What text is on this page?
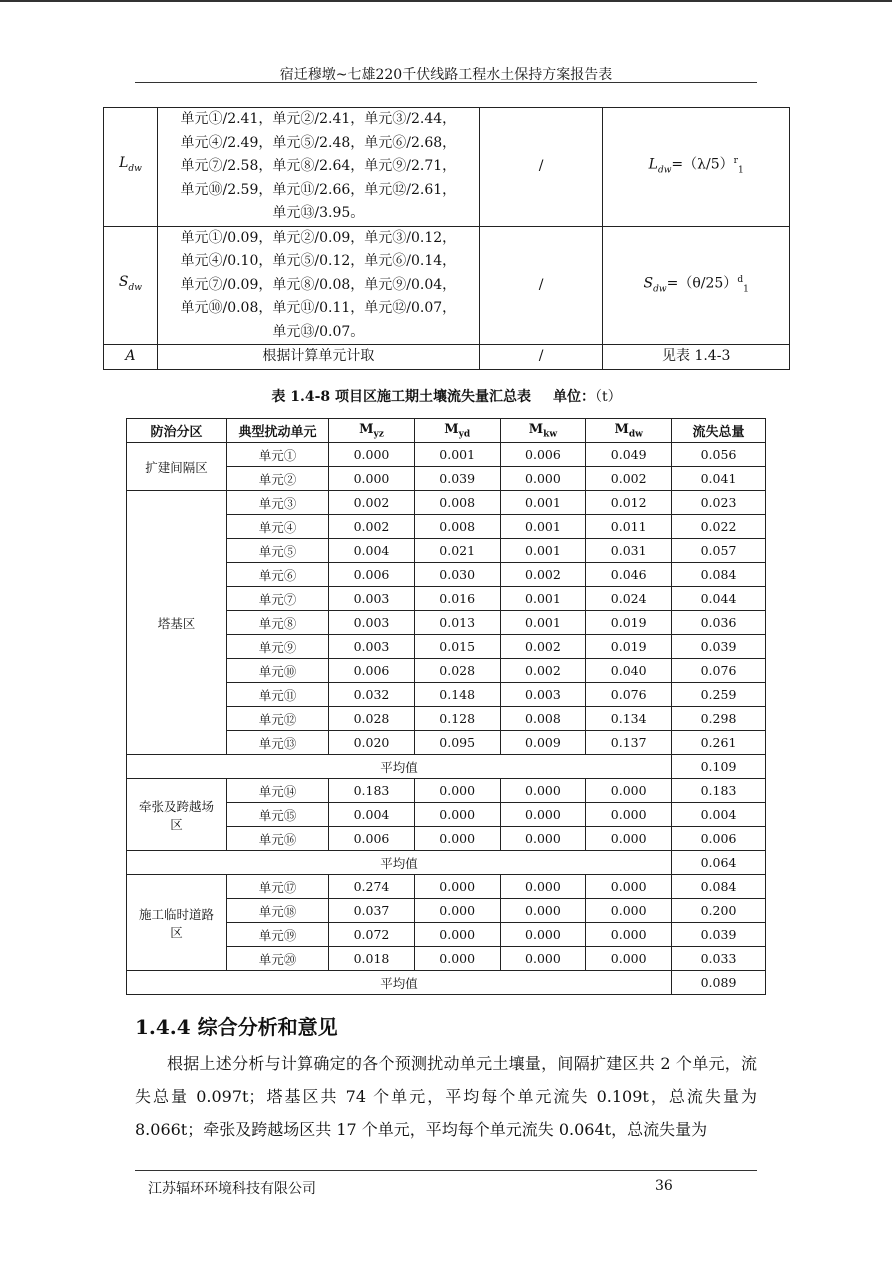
宿迁穆墩~七雄220千伏线路工程水土保持方案报告表
$L_{dw}$	单元①/2.41，单元②/2.41，单元③/2.44，
单元④/2.49，单元⑤/2.48，单元⑥/2.68，
单元⑦/2.58，单元⑧/2.64，单元⑨/2.71，
单元⑩/2.59，单元⑪/2.66，单元⑫/2.61，
单元⑬/3.95。	/	$L_{dw}=(\lambda/5)^r_1$
$S_{dw}$	单元①/0.09，单元②/0.09，单元③/0.12，
单元④/0.10，单元⑤/0.12，单元⑥/0.14，
单元⑦/0.09，单元⑧/0.08，单元⑨/0.04，
单元⑩/0.08，单元⑪/0.11，单元⑫/0.07，
单元⑬/0.07。	/	$S_{dw}=(\theta/25)^d_1$
A	根据计算单元计取	/	见表 1.4-3
表 1.4-8 项目区施工期土壤流失量汇总表 单位：（t）
防治分区	典型扰动单元	$M_{yz}$	$M_{yd}$	$M_{kw}$	$M_{dw}$	流失总量
扩建间隔区	单元①	0.000	0.001	0.006	0.049	0.056
	单元②	0.000	0.039	0.000	0.002	0.041
塔基区	单元③	0.002	0.008	0.001	0.012	0.023
	单元④	0.002	0.008	0.001	0.011	0.022
	单元⑤	0.004	0.021	0.001	0.031	0.057
	单元⑥	0.006	0.030	0.002	0.046	0.084
	单元⑦	0.003	0.016	0.001	0.024	0.044
	单元⑧	0.003	0.013	0.001	0.019	0.036
	单元⑨	0.003	0.015	0.002	0.019	0.039
	单元⑩	0.006	0.028	0.002	0.040	0.076
	单元⑪	0.032	0.148	0.003	0.076	0.259
	单元⑫	0.028	0.128	0.008	0.134	0.298
	单元⑬	0.020	0.095	0.009	0.137	0.261
平均值						0.109

牵张及跨越场
区	单元⑭	0.183	0.000	0.000	0.000	0.183
	单元⑮	0.004	0.000	0.000	0.000	0.004
	单元⑯	0.006	0.000	0.000	0.000	0.006
平均值						0.064

施工临时道路
区	单元⑰	0.274	0.000	0.000	0.000	0.084
	单元⑱	0.037	0.000	0.000	0.000	0.200
	单元⑲	0.072	0.000	0.000	0.000	0.039
	单元⑳	0.018	0.000	0.000	0.000	0.033
平均值						0.089
1.4.4 综合分析和意见

根据上述分析与计算确定的各个预测扰动单元土壤量，间隔扩建区共 2 个单元，流失总量 0.097t；塔基区共 74 个单元，平均每个单元流失 0.109t，总流失量为 8.066t；牵张及跨越场区共 17 个单元，平均每个单元流失 0.064t，总流失量为

江苏辐环环境科技有限公司	36
